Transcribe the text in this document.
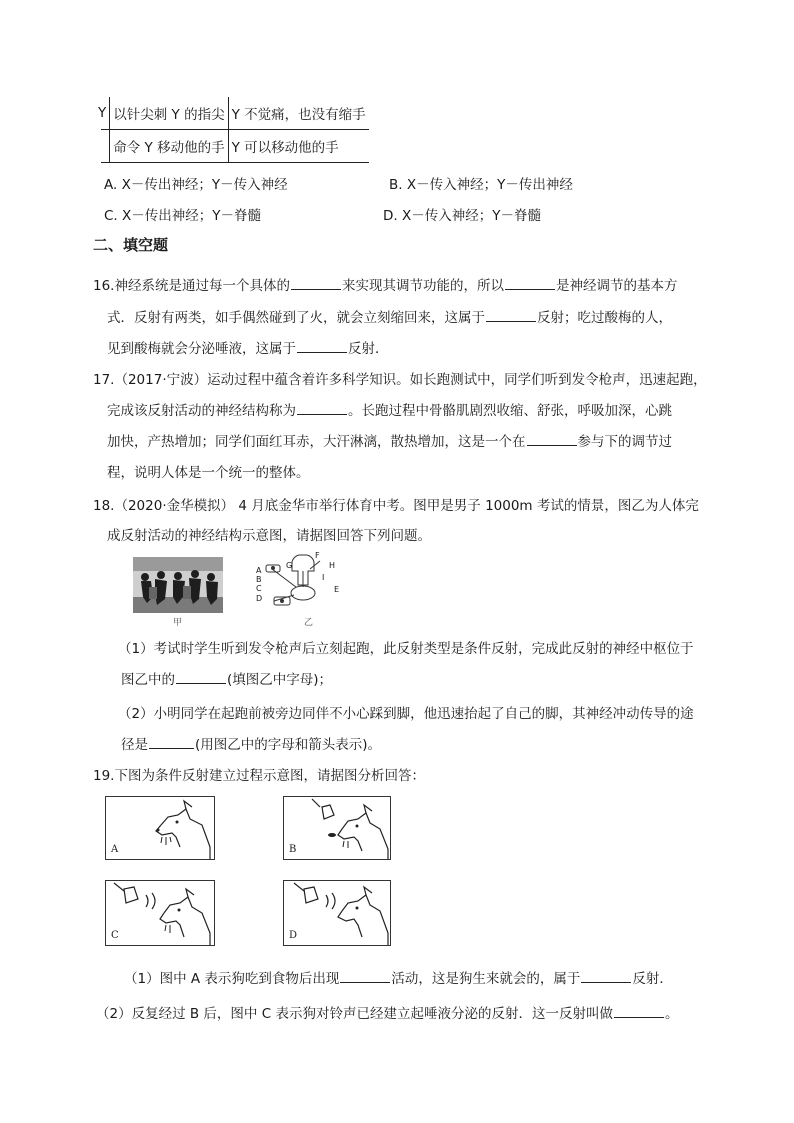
Y	以针尖刺 Y 的指尖	Y 不觉痛，也没有缩手
	命令 Y 移动他的手	Y 可以移动他的手
A. X－传出神经；Y－传入神经	B. X－传入神经；Y－传出神经
C. X－传出神经；Y－脊髓	D. X－传入神经；Y－脊髓
二、填空题
16.神经系统是通过每一个具体的	来实现其调节功能的，所以	是神经调节的基本方
式．反射有两类，如手偶然碰到了火，就会立刻缩回来，这属于	反射；吃过酸梅的人，
见到酸梅就会分泌唾液，这属于	反射．
17.（2017·宁波）运动过程中蕴含着许多科学知识。如长跑测试中，同学们听到发令枪声，迅速起跑，
完成该反射活动的神经结构称为	。长跑过程中骨骼肌剧烈收缩、舒张，呼吸加深，心跳
加快，产热增加；同学们面红耳赤，大汗淋漓，散热增加，这是一个在	参与下的调节过
程，说明人体是一个统一的整体。
18.（2020·金华模拟） 4 月底金华市举行体育中考。图甲是男子 1000m 考试的情景，图乙为人体完
成反射活动的神经结构示意图，请据图回答下列问题。
甲
F
G	H
I
E
A
B
C
D
乙
（1）考试时学生听到发令枪声后立刻起跑，此反射类型是条件反射，完成此反射的神经中枢位于
图乙中的	(填图乙中字母)；
（2）小明同学在起跑前被旁边同伴不小心踩到脚，他迅速抬起了自己的脚，其神经冲动传导的途
径是	(用图乙中的字母和箭头表示)。
19.下图为条件反射建立过程示意图，请据图分析回答：
A	B
C	D
（1）图中 A 表示狗吃到食物后出现	活动，这是狗生来就会的，属于	反射．
（2）反复经过 B 后，图中 C 表示狗对铃声已经建立起唾液分泌的反射．这一反射叫做	。
